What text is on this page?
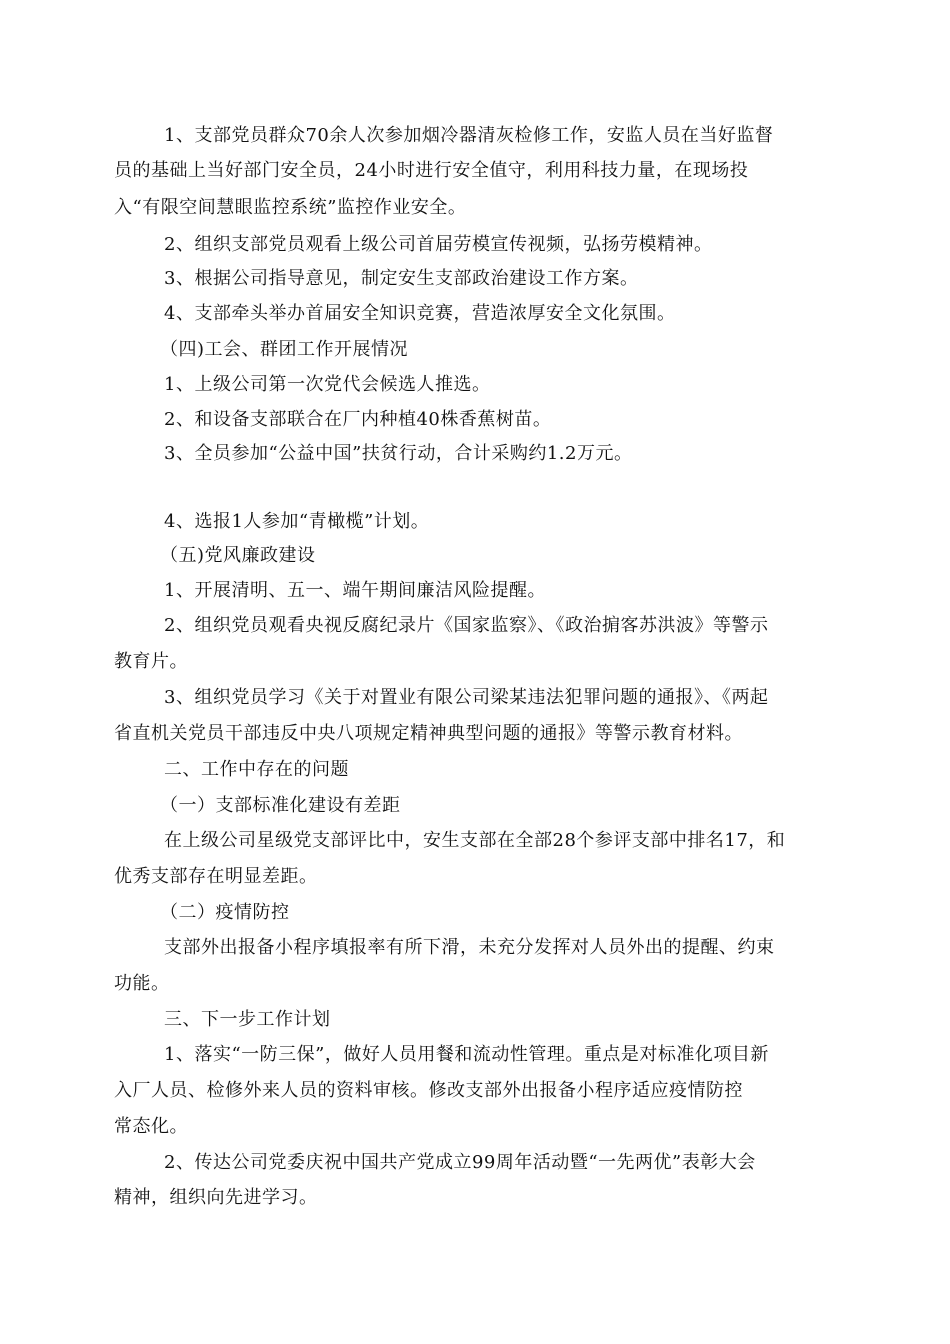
1、支部党员群众70余人次参加烟冷器清灰检修工作，安监人员在当好监督
员的基础上当好部门安全员，24小时进行安全值守，利用科技力量，在现场投
入“有限空间慧眼监控系统”监控作业安全。
2、组织支部党员观看上级公司首届劳模宣传视频，弘扬劳模精神。
3、根据公司指导意见，制定安生支部政治建设工作方案。
4、支部牵头举办首届安全知识竞赛，营造浓厚安全文化氛围。
（四)工会、群团工作开展情况
1、上级公司第一次党代会候选人推选。
2、和设备支部联合在厂内种植40株香蕉树苗。
3、全员参加“公益中国”扶贫行动，合计采购约1.2万元。
4、选报1人参加“青橄榄”计划。
（五)党风廉政建设
1、开展清明、五一、端午期间廉洁风险提醒。
2、组织党员观看央视反腐纪录片《国家监察》、《政治掮客苏洪波》等警示
教育片。
3、组织党员学习《关于对置业有限公司梁某违法犯罪问题的通报》、《两起
省直机关党员干部违反中央八项规定精神典型问题的通报》等警示教育材料。
二、工作中存在的问题
（一）支部标准化建设有差距
在上级公司星级党支部评比中，安生支部在全部28个参评支部中排名17，和
优秀支部存在明显差距。
（二）疫情防控
支部外出报备小程序填报率有所下滑，未充分发挥对人员外出的提醒、约束
功能。
三、下一步工作计划
1、落实“一防三保”，做好人员用餐和流动性管理。重点是对标准化项目新
入厂人员、检修外来人员的资料审核。修改支部外出报备小程序适应疫情防控
常态化。
2、传达公司党委庆祝中国共产党成立99周年活动暨“一先两优”表彰大会
精神，组织向先进学习。
